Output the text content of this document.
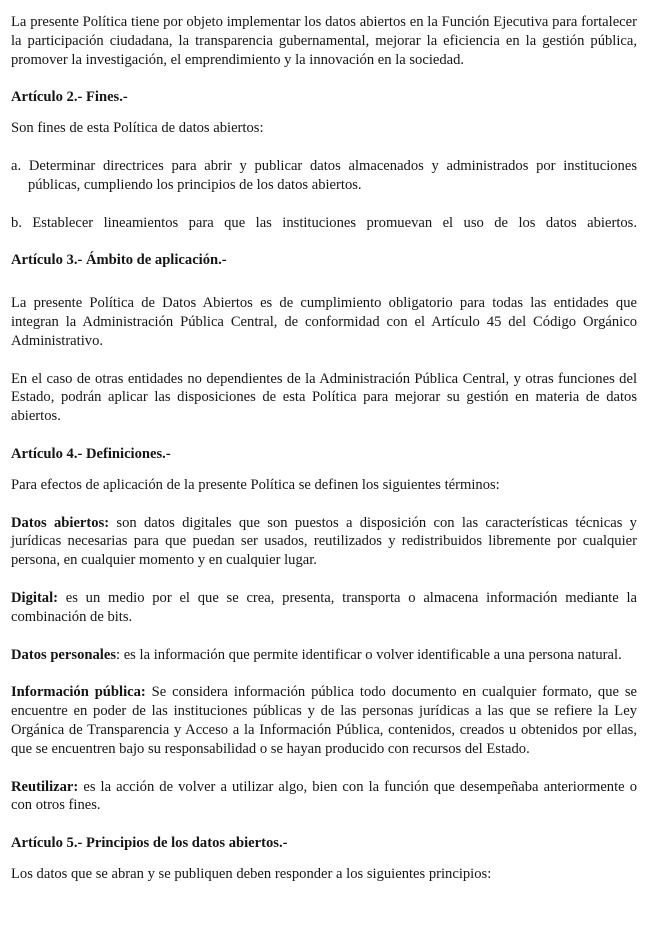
La presente Política tiene por objeto implementar los datos abiertos en la Función Ejecutiva para fortalecer la participación ciudadana, la transparencia gubernamental, mejorar la eficiencia en la gestión pública, promover la investigación, el emprendimiento y la innovación en la sociedad.

Artículo 2.- Fines.-

Son fines de esta Política de datos abiertos:

a. Determinar directrices para abrir y publicar datos almacenados y administrados por instituciones públicas, cumpliendo los principios de los datos abiertos.

b. Establecer lineamientos para que las instituciones promuevan el uso de los datos abiertos.

Artículo 3.- Ámbito de aplicación.-

La presente Política de Datos Abiertos es de cumplimiento obligatorio para todas las entidades que integran la Administración Pública Central, de conformidad con el Artículo 45 del Código Orgánico Administrativo.

En el caso de otras entidades no dependientes de la Administración Pública Central, y otras funciones del Estado, podrán aplicar las disposiciones de esta Política para mejorar su gestión en materia de datos abiertos.

Artículo 4.- Definiciones.-

Para efectos de aplicación de la presente Política se definen los siguientes términos:

Datos abiertos: son datos digitales que son puestos a disposición con las características técnicas y jurídicas necesarias para que puedan ser usados, reutilizados y redistribuidos libremente por cualquier persona, en cualquier momento y en cualquier lugar.

Digital: es un medio por el que se crea, presenta, transporta o almacena información mediante la combinación de bits.

Datos personales: es la información que permite identificar o volver identificable a una persona natural.

Información pública: Se considera información pública todo documento en cualquier formato, que se encuentre en poder de las instituciones públicas y de las personas jurídicas a las que se refiere la Ley Orgánica de Transparencia y Acceso a la Información Pública, contenidos, creados u obtenidos por ellas, que se encuentren bajo su responsabilidad o se hayan producido con recursos del Estado.

Reutilizar: es la acción de volver a utilizar algo, bien con la función que desempeñaba anteriormente o con otros fines.

Artículo 5.- Principios de los datos abiertos.-

Los datos que se abran y se publiquen deben responder a los siguientes principios:
